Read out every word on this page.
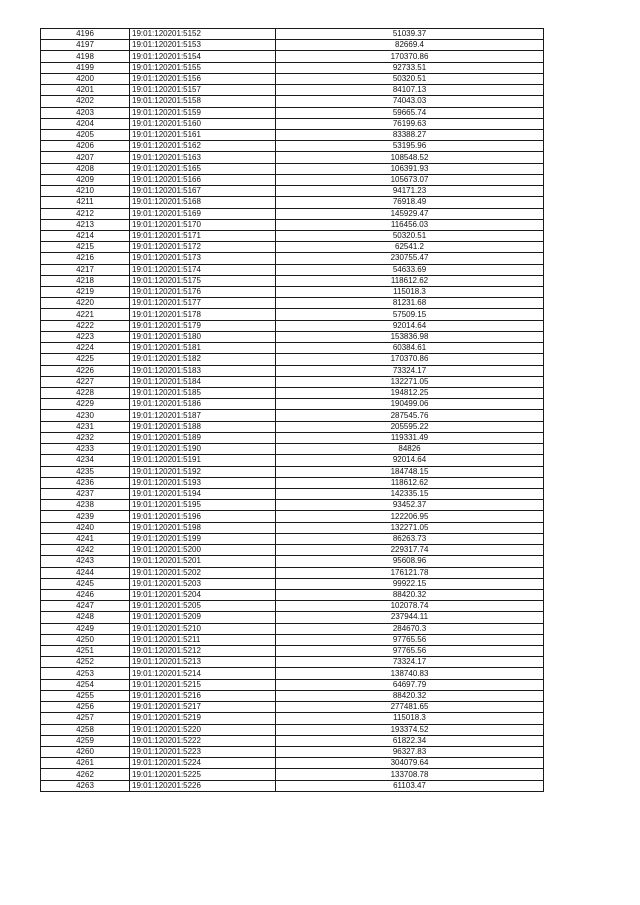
4196	19:01:120201:5152	51039.37
4197	19:01:120201:5153	82669.4
4198	19:01:120201:5154	170370.86
4199	19:01:120201:5155	92733.51
4200	19:01:120201:5156	50320.51
4201	19:01:120201:5157	84107.13
4202	19:01:120201:5158	74043.03
4203	19:01:120201:5159	59665.74
4204	19:01:120201:5160	76199.63
4205	19:01:120201:5161	83388.27
4206	19:01:120201:5162	53195.96
4207	19:01:120201:5163	108548.52
4208	19:01:120201:5165	106391.93
4209	19:01:120201:5166	105673.07
4210	19:01:120201:5167	94171.23
4211	19:01:120201:5168	76918.49
4212	19:01:120201:5169	145929.47
4213	19:01:120201:5170	116456.03
4214	19:01:120201:5171	50320.51
4215	19:01:120201:5172	62541.2
4216	19:01:120201:5173	230755.47
4217	19:01:120201:5174	54633.69
4218	19:01:120201:5175	118612.62
4219	19:01:120201:5176	115018.3
4220	19:01:120201:5177	81231.68
4221	19:01:120201:5178	57509.15
4222	19:01:120201:5179	92014.64
4223	19:01:120201:5180	153836.98
4224	19:01:120201:5181	60384.61
4225	19:01:120201:5182	170370.86
4226	19:01:120201:5183	73324.17
4227	19:01:120201:5184	132271.05
4228	19:01:120201:5185	194812.25
4229	19:01:120201:5186	190499.06
4230	19:01:120201:5187	287545.76
4231	19:01:120201:5188	205595.22
4232	19:01:120201:5189	119331.49
4233	19:01:120201:5190	84826
4234	19:01:120201:5191	92014.64
4235	19:01:120201:5192	184748.15
4236	19:01:120201:5193	118612.62
4237	19:01:120201:5194	142335.15
4238	19:01:120201:5195	93452.37
4239	19:01:120201:5196	122206.95
4240	19:01:120201:5198	132271.05
4241	19:01:120201:5199	86263.73
4242	19:01:120201:5200	229317.74
4243	19:01:120201:5201	95608.96
4244	19:01:120201:5202	176121.78
4245	19:01:120201:5203	99922.15
4246	19:01:120201:5204	88420.32
4247	19:01:120201:5205	102078.74
4248	19:01:120201:5209	237944.11
4249	19:01:120201:5210	284670.3
4250	19:01:120201:5211	97765.56
4251	19:01:120201:5212	97765.56
4252	19:01:120201:5213	73324.17
4253	19:01:120201:5214	138740.83
4254	19:01:120201:5215	64697.79
4255	19:01:120201:5216	88420.32
4256	19:01:120201:5217	277481.65
4257	19:01:120201:5219	115018.3
4258	19:01:120201:5220	193374.52
4259	19:01:120201:5222	61822.34
4260	19:01:120201:5223	96327.83
4261	19:01:120201:5224	304079.64
4262	19:01:120201:5225	133708.78
4263	19:01:120201:5226	61103.47
